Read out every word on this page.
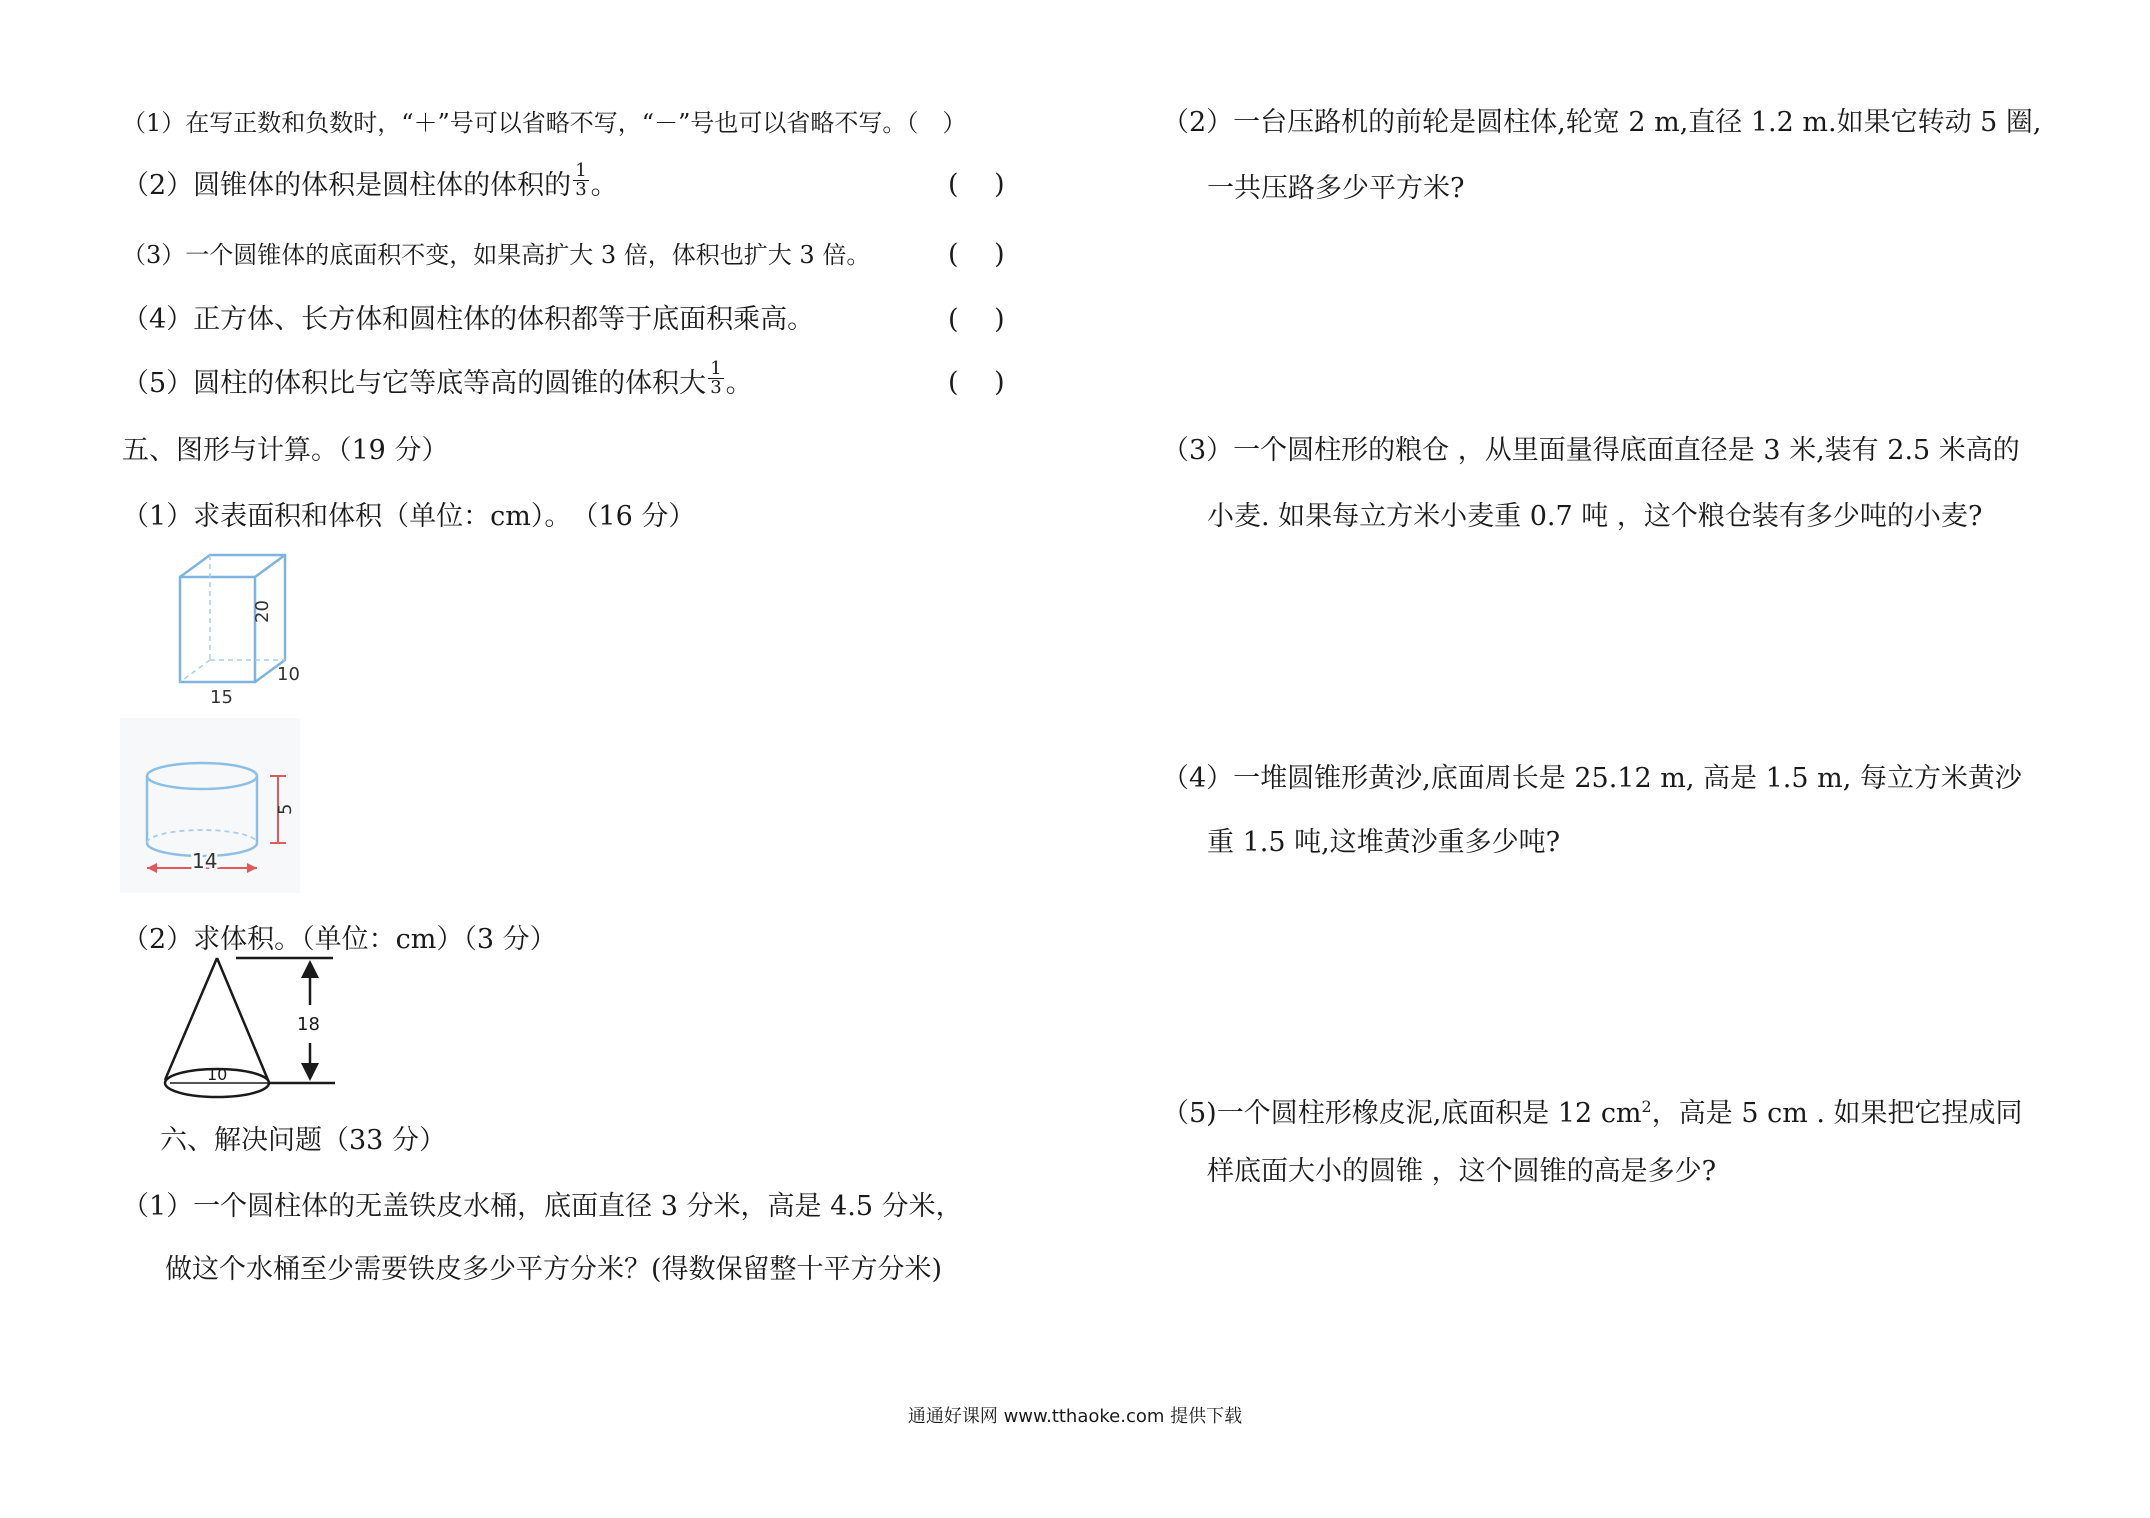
（1）在写正数和负数时，“＋”号可以省略不写，“－”号也可以省略不写。（　）
（2）圆锥体的体积是圆柱体的体积的 $\frac{1}{3}$ 。	(　 )
（3）一个圆锥体的底面积不变，如果高扩大 3 倍，体积也扩大 3 倍。	(　 )
（4）正方体、长方体和圆柱体的体积都等于底面积乘高。	(　 )
（5）圆柱的体积比与它等底等高的圆锥的体积大 $\frac{1}{3}$ 。	(　 )
五、图形与计算。（19 分）
（1）求表面积和体积（单位：cm）。　（16 分）
20
15
10
5
14
（2）求体积。（单位：cm）（3 分）
18
10
六、解决问题（33 分）
（1）一个圆柱体的无盖铁皮水桶，底面直径 3 分米，高是 4.5 分米，
做这个水桶至少需要铁皮多少平方分米？(得数保留整十平方分米)
（2）一台压路机的前轮是圆柱体,轮宽 2 m,直径 1.2 m.如果它转动 5 圈,
一共压路多少平方米?
（3）一个圆柱形的粮仓 ，从里面量得底面直径是 3 米,装有 2.5 米高的
小麦. 如果每立方米小麦重 0.7 吨 ，这个粮仓装有多少吨的小麦?
（4）一堆圆锥形黄沙,底面周长是 25.12 m, 高是 1.5 m, 每立方米黄沙
重 1.5 吨,这堆黄沙重多少吨?
（5)一个圆柱形橡皮泥,底面积是 12 $cm^2$，高是 5 cm . 如果把它捏成同
样底面大小的圆锥 ，这个圆锥的高是多少?
通通好课网 www.tthaoke.com 提供下载
